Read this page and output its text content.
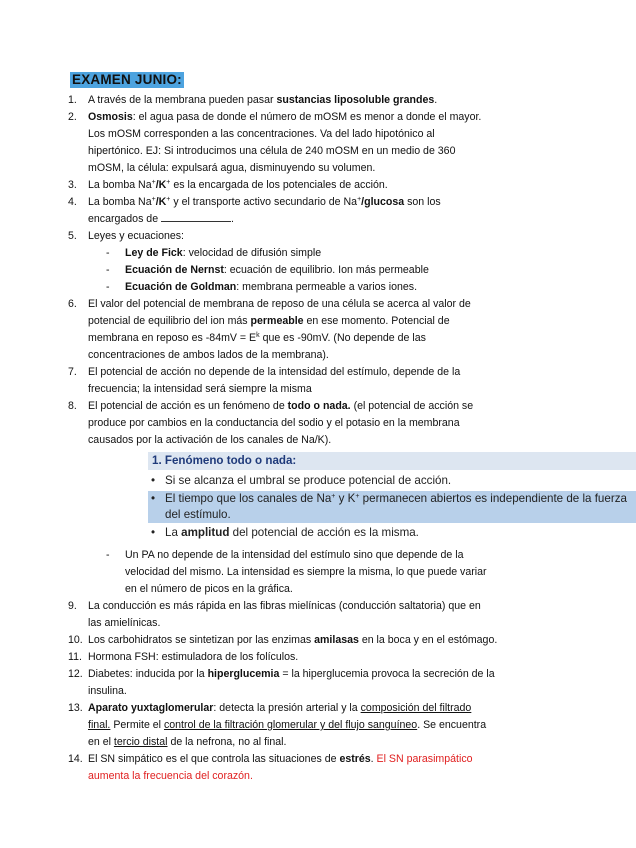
EXAMEN JUNIO:
1. A través de la membrana pueden pasar sustancias liposoluble grandes.
2. Osmosis: el agua pasa de donde el número de mOSM es menor a donde el mayor.
Los mOSM corresponden a las concentraciones. Va del lado hipotónico al
hipertónico. EJ: Si introducimos una célula de 240 mOSM en un medio de 360
mOSM, la célula: expulsará agua, disminuyendo su volumen.
3. La bomba Na+/K+ es la encargada de los potenciales de acción.
4. La bomba Na+/K+ y el transporte activo secundario de Na+/glucosa son los
encargados de	.
5. Leyes y ecuaciones:
- Ley de Fick: velocidad de difusión simple
- Ecuación de Nernst: ecuación de equilibrio. Ion más permeable
- Ecuación de Goldman: membrana permeable a varios iones.
6. El valor del potencial de membrana de reposo de una célula se acerca al valor de
potencial de equilibrio del ion más permeable en ese momento. Potencial de
membrana en reposo es $-84mV = E^k$ que es -90mV. (No depende de las
concentraciones de ambos lados de la membrana).
7. El potencial de acción no depende de la intensidad del estímulo, depende de la
frecuencia; la intensidad será siempre la misma
8. El potencial de acción es un fenómeno de todo o nada. (el potencial de acción se
produce por cambios en la conductancia del sodio y el potasio en la membrana
causados por la activación de los canales de Na/K).
1. Fenómeno todo o nada:
• Si se alcanza el umbral se produce potencial de acción.
• El tiempo que los canales de Na+ y K+ permanecen abiertos es independiente de la fuerza del estímulo.
• La amplitud del potencial de acción es la misma.
- Un PA no depende de la intensidad del estímulo sino que depende de la
velocidad del mismo. La intensidad es siempre la misma, lo que puede variar
en el número de picos en la gráfica.
9. La conducción es más rápida en las fibras mielínicas (conducción saltatoria) que en
las amielínicas.
10. Los carbohidratos se sintetizan por las enzimas amilasas en la boca y en el estómago.
11. Hormona FSH: estimuladora de los folículos.
12. Diabetes: inducida por la hiperglucemia = la hiperglucemia provoca la secreción de la
insulina.
13. Aparato yuxtaglomerular: detecta la presión arterial y la composición del filtrado
final. Permite el control de la filtración glomerular y del flujo sanguíneo. Se encuentra
en el tercio distal de la nefrona, no al final.
14. El SN simpático es el que controla las situaciones de estrés. El SN parasimpático
aumenta la frecuencia del corazón.
